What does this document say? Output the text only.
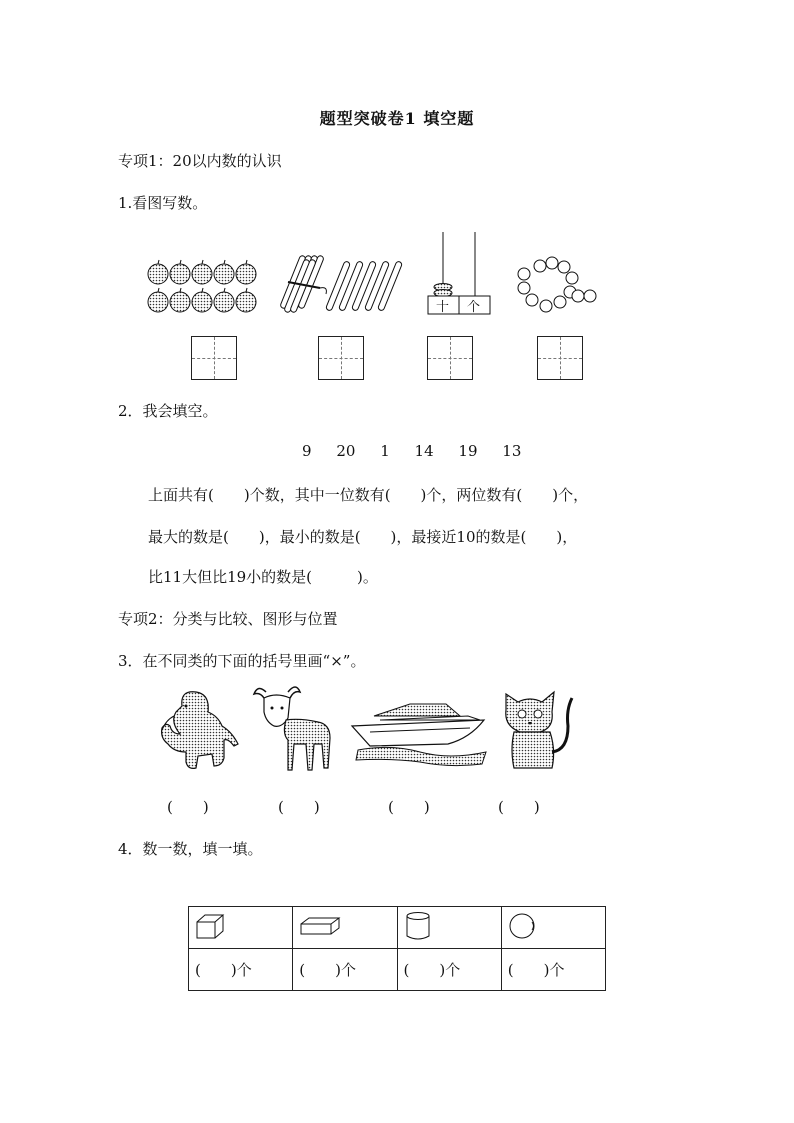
题型突破卷1 填空题
专项1：20以内数的认识
1.看图写数。
十 个
2．我会填空。
9 20 1 14 19 13
上面共有(　　)个数，其中一位数有(　　)个，两位数有(　　)个，
最大的数是(　　)，最小的数是(　　)，最接近10的数是(　　)，
比11大但比19小的数是(　　　)。
专项2：分类与比较、图形与位置
3．在不同类的下面的括号里画“×”。
(　　)	(　　)	(　　)	(　　)
4．数一数，填一填。

(　　)个	(　　)个	(　　)个	(　　)个
